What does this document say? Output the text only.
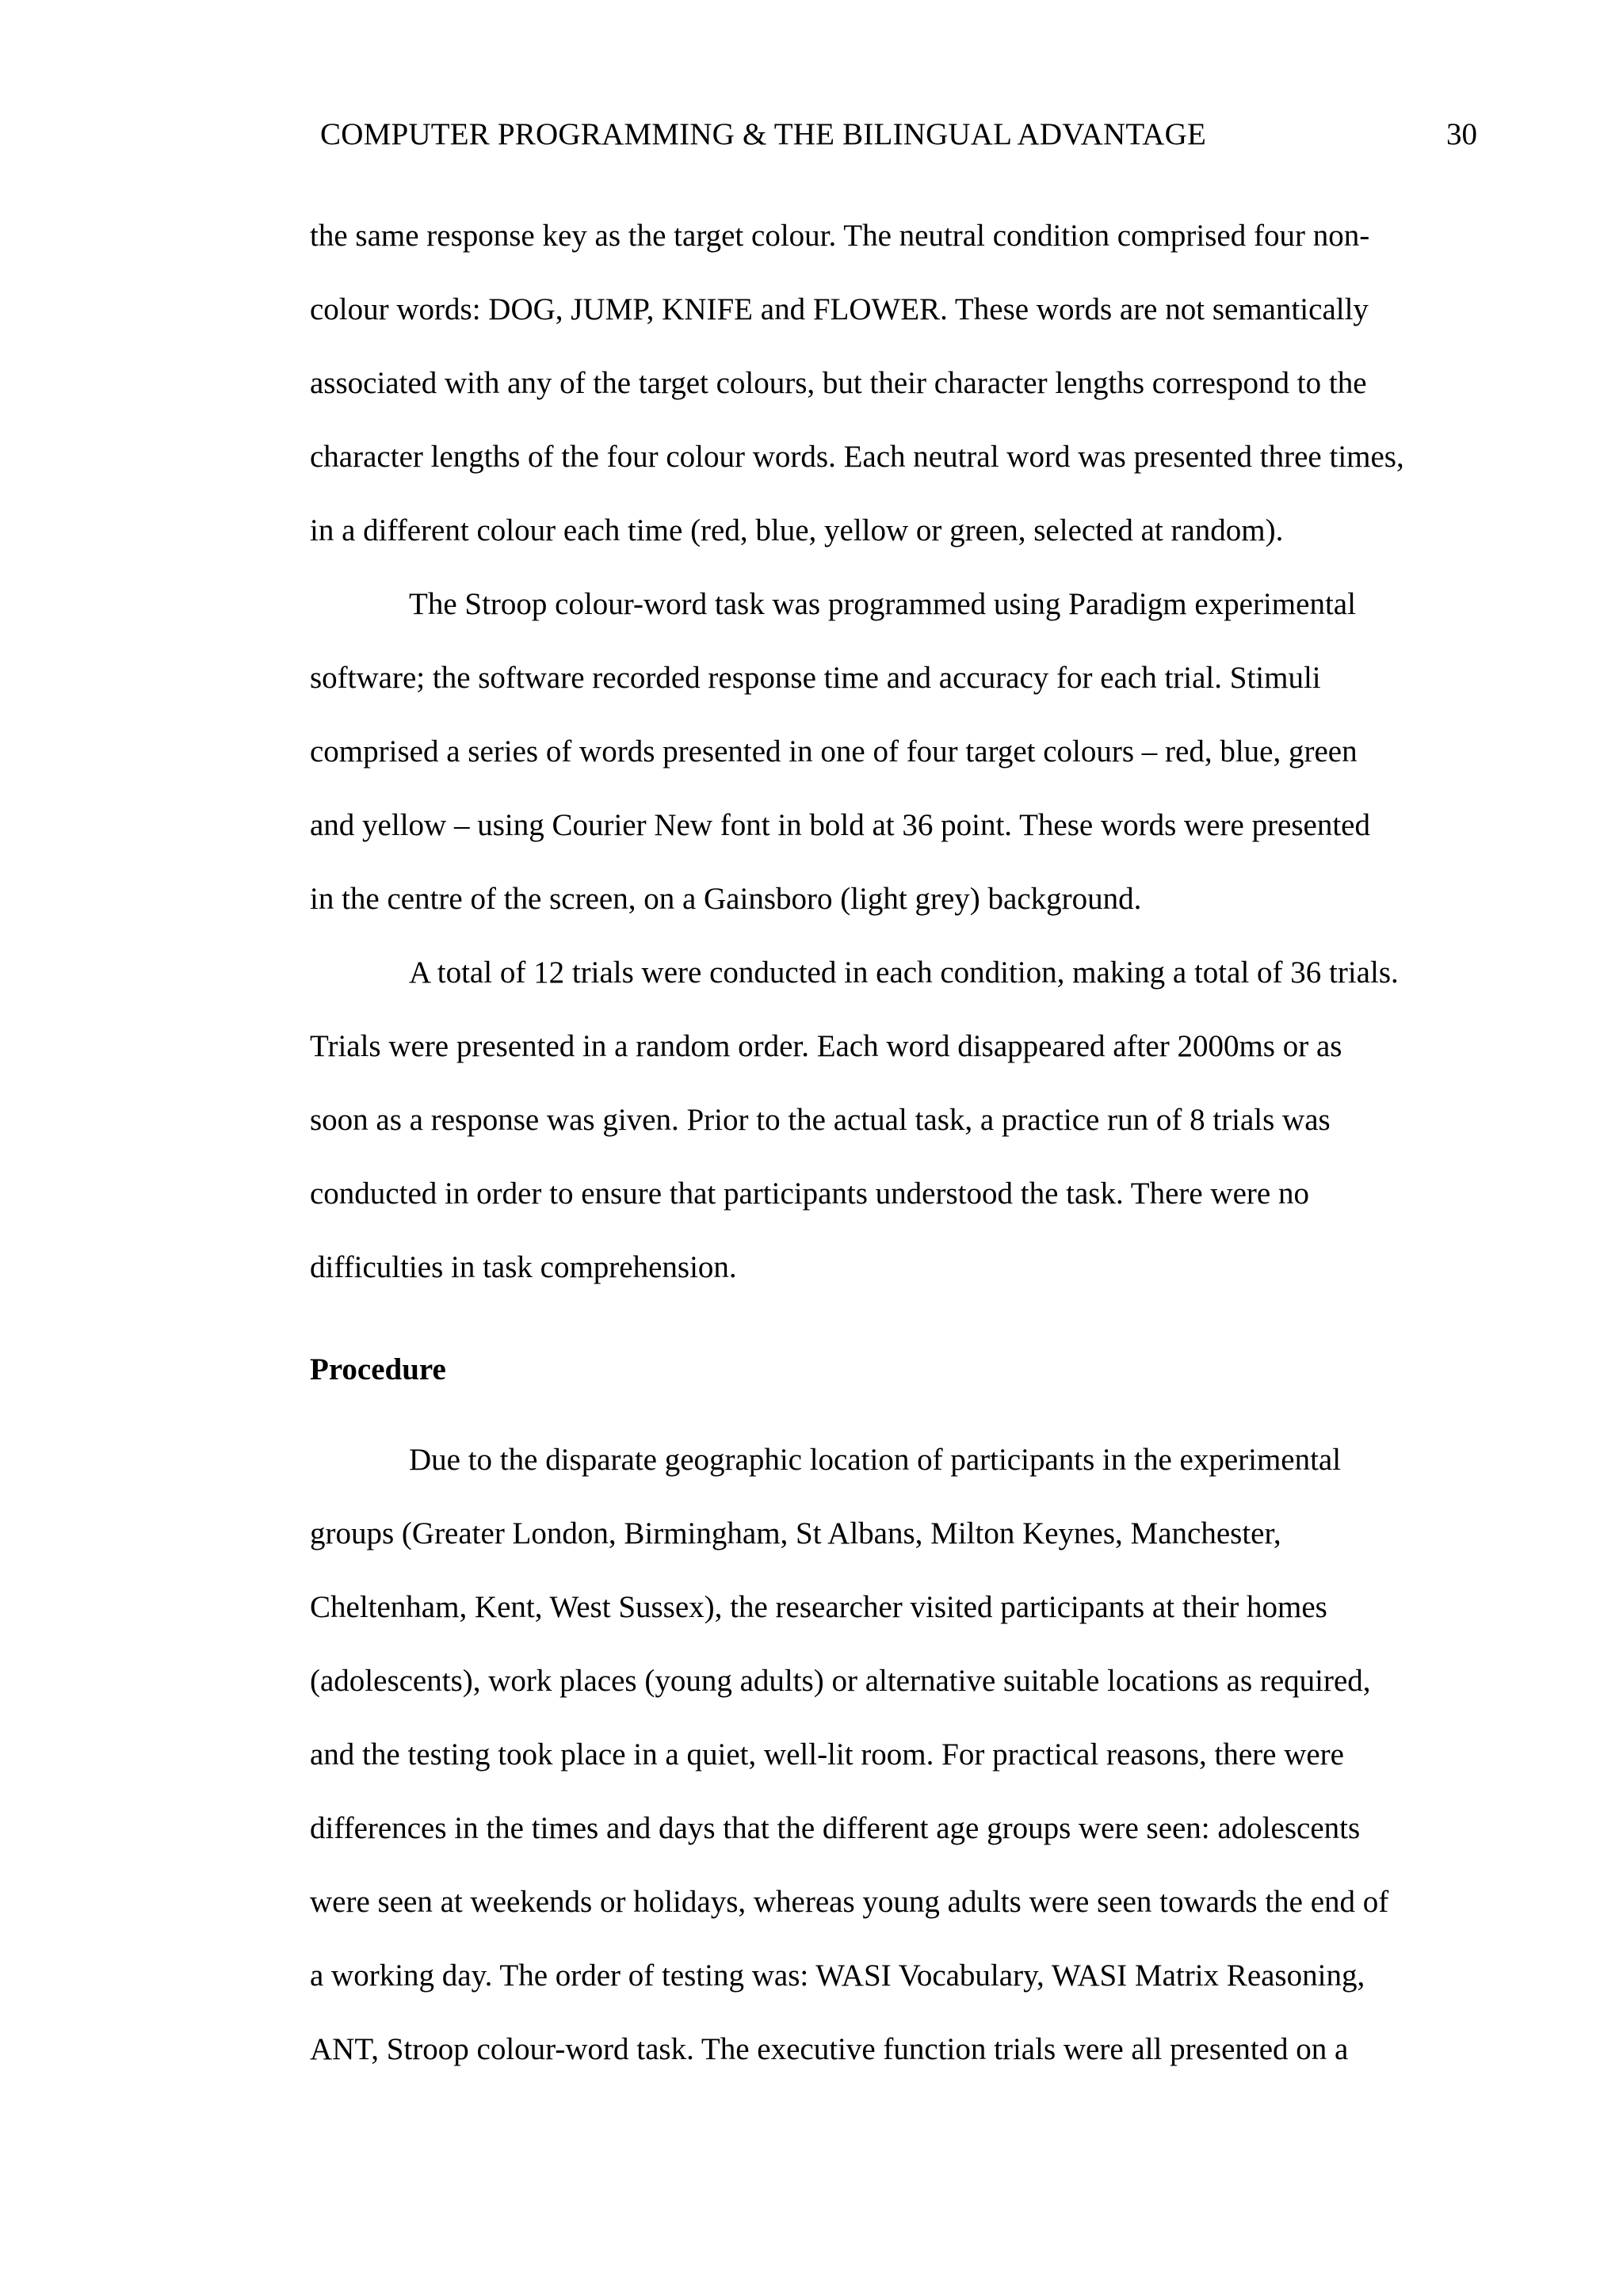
COMPUTER PROGRAMMING & THE BILINGUAL ADVANTAGE	30
the same response key as the target colour. The neutral condition comprised four non-
colour words: DOG, JUMP, KNIFE and FLOWER. These words are not semantically
associated with any of the target colours, but their character lengths correspond to the
character lengths of the four colour words. Each neutral word was presented three times,
in a different colour each time (red, blue, yellow or green, selected at random).
The Stroop colour-word task was programmed using Paradigm experimental
software; the software recorded response time and accuracy for each trial. Stimuli
comprised a series of words presented in one of four target colours – red, blue, green
and yellow – using Courier New font in bold at 36 point. These words were presented
in the centre of the screen, on a Gainsboro (light grey) background.
A total of 12 trials were conducted in each condition, making a total of 36 trials.
Trials were presented in a random order. Each word disappeared after 2000ms or as
soon as a response was given. Prior to the actual task, a practice run of 8 trials was
conducted in order to ensure that participants understood the task. There were no
difficulties in task comprehension.
Procedure
Due to the disparate geographic location of participants in the experimental
groups (Greater London, Birmingham, St Albans, Milton Keynes, Manchester,
Cheltenham, Kent, West Sussex), the researcher visited participants at their homes
(adolescents), work places (young adults) or alternative suitable locations as required,
and the testing took place in a quiet, well-lit room. For practical reasons, there were
differences in the times and days that the different age groups were seen: adolescents
were seen at weekends or holidays, whereas young adults were seen towards the end of
a working day. The order of testing was: WASI Vocabulary, WASI Matrix Reasoning,
ANT, Stroop colour-word task. The executive function trials were all presented on a
